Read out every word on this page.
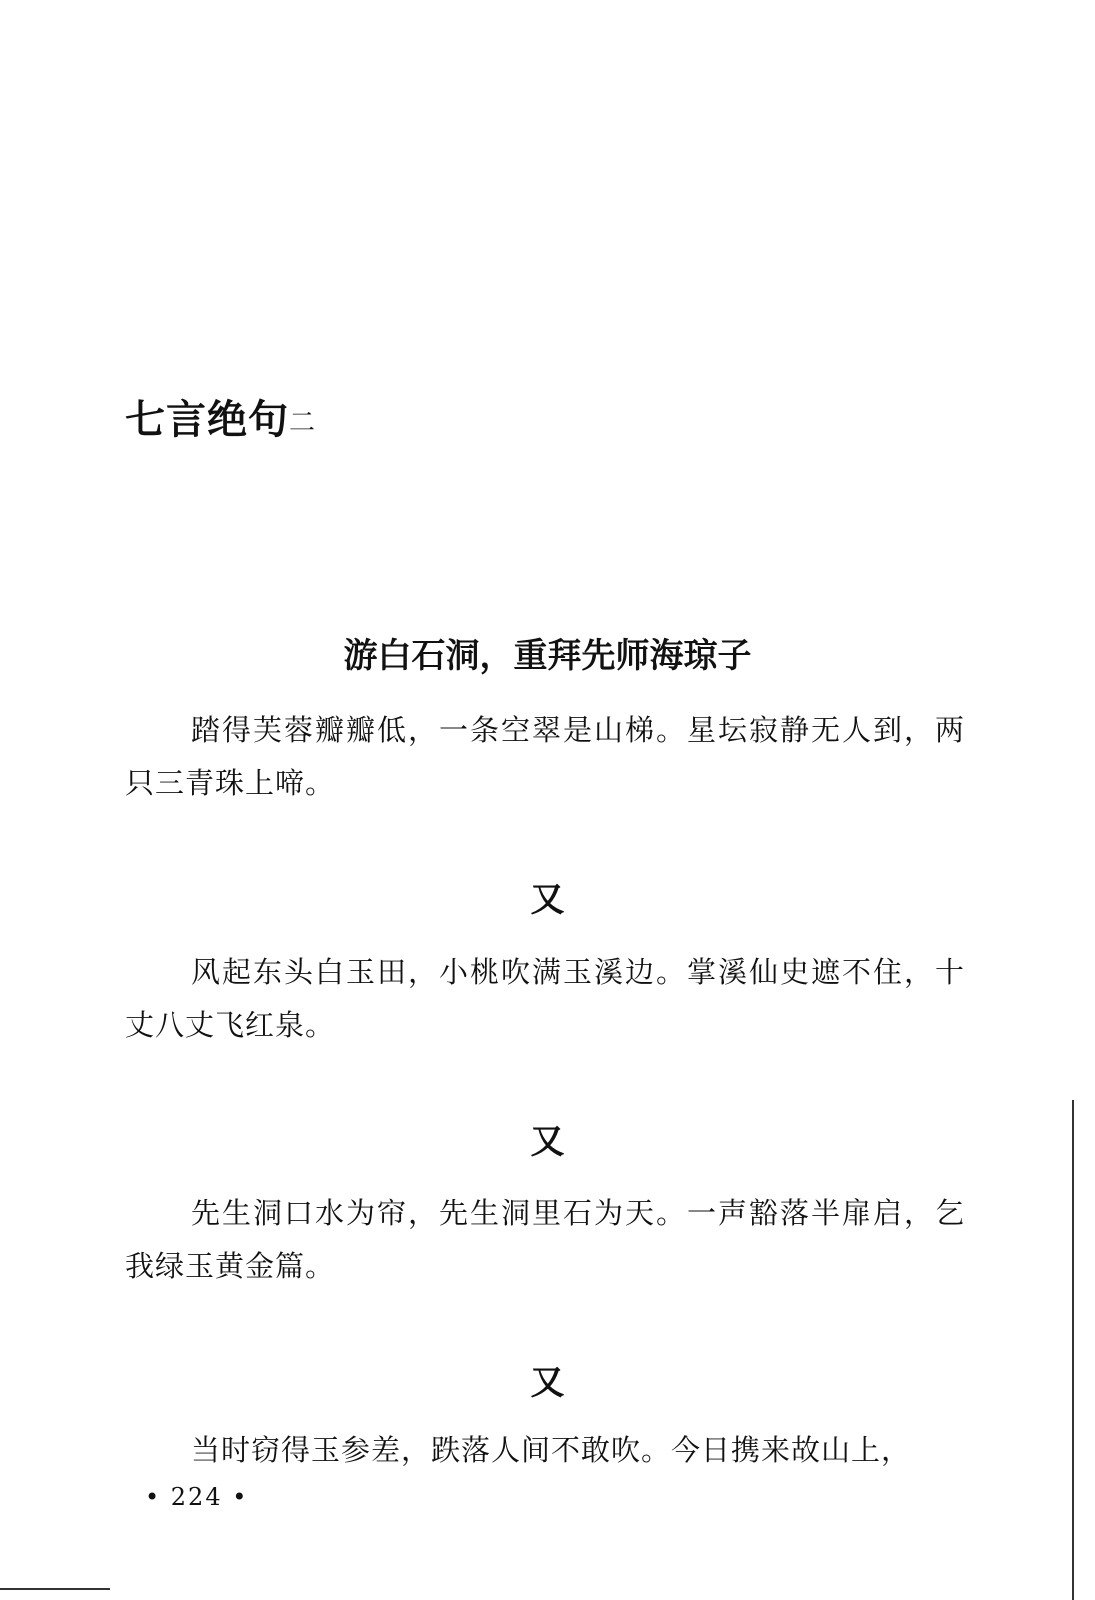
七言绝句二
游白石洞，重拜先师海琼子

踏得芙蓉瓣瓣低，一条空翠是山梯。星坛寂静无人到，两只三青珠上啼。

又

风起东头白玉田，小桃吹满玉溪边。掌溪仙史遮不住，十丈八丈飞红泉。

又

先生洞口水为帘，先生洞里石为天。一声豁落半扉启，乞我绿玉黄金篇。

又

当时窃得玉参差，跌落人间不敢吹。今日携来故山上，

• 224 •
